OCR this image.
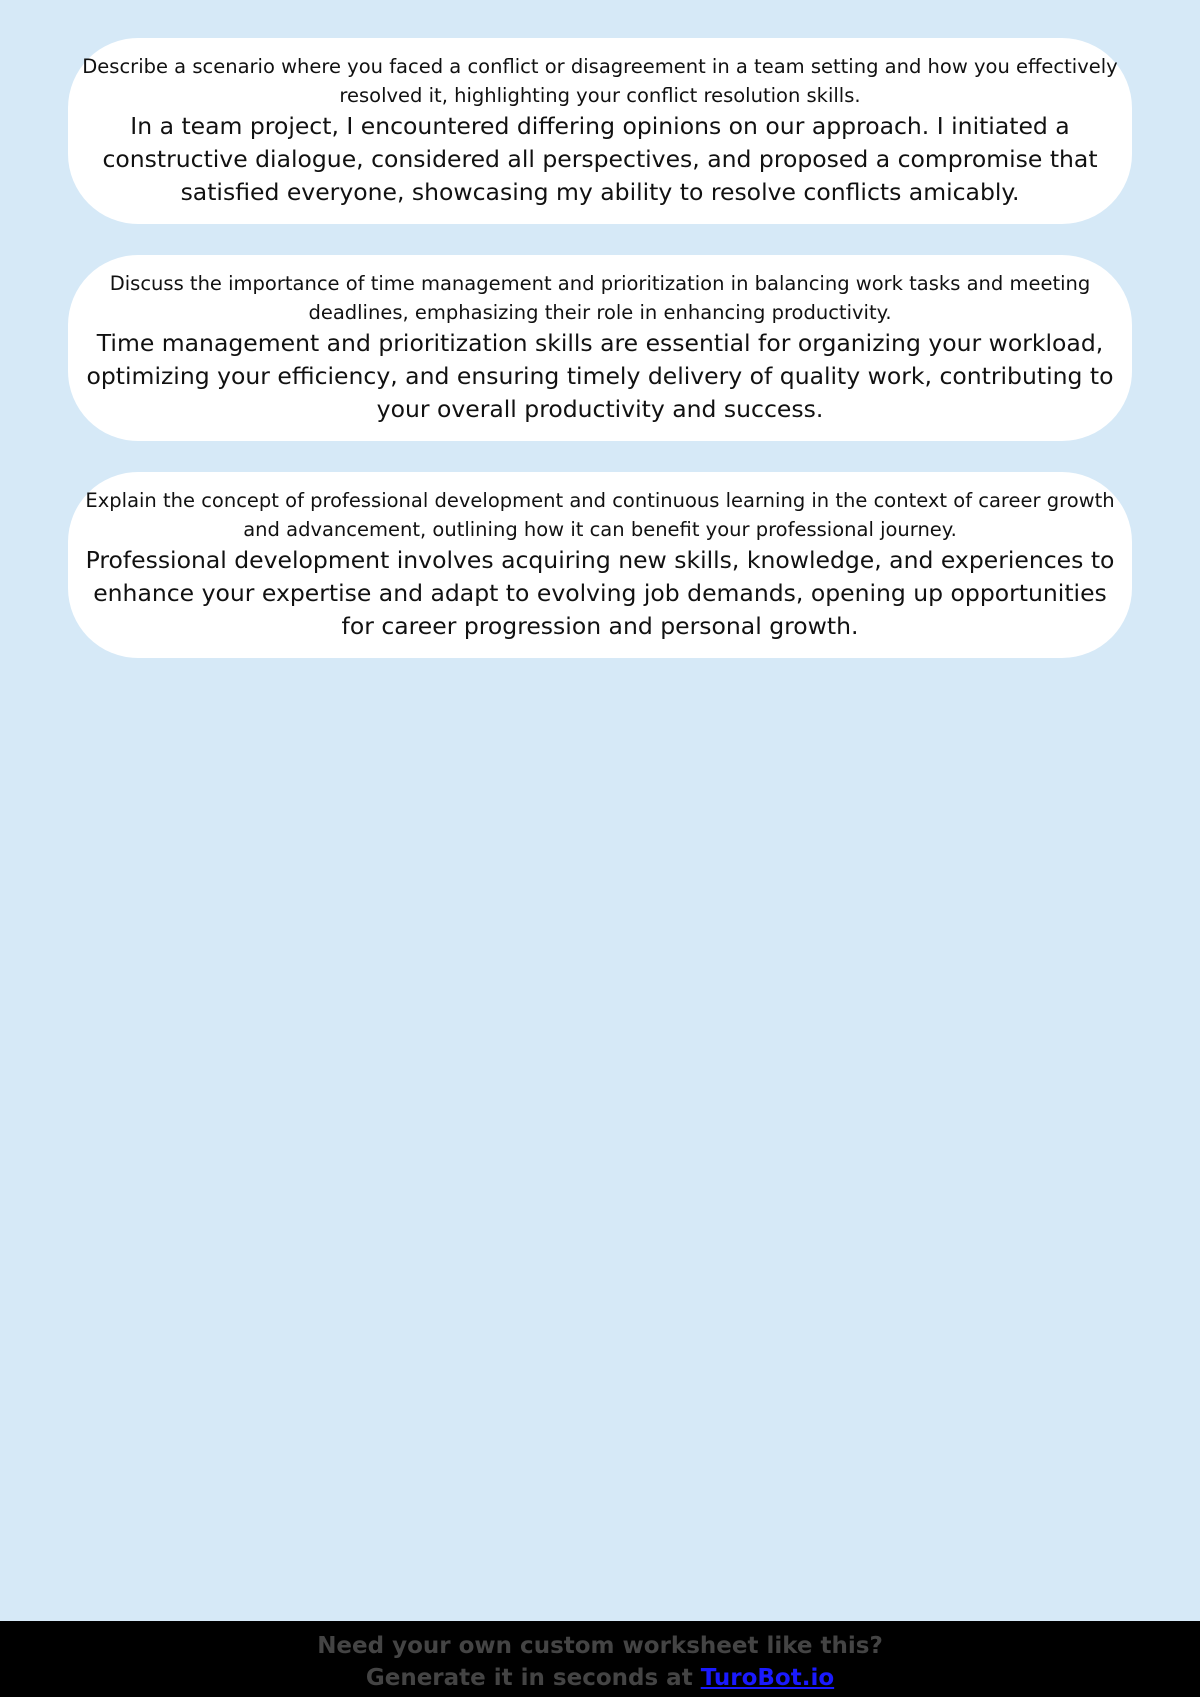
Describe a scenario where you faced a conflict or disagreement in a team setting and how you effectively resolved it, highlighting your conflict resolution skills.

In a team project, I encountered differing opinions on our approach. I initiated a constructive dialogue, considered all perspectives, and proposed a compromise that satisfied everyone, showcasing my ability to resolve conflicts amicably.

Discuss the importance of time management and prioritization in balancing work tasks and meeting deadlines, emphasizing their role in enhancing productivity.

Time management and prioritization skills are essential for organizing your workload, optimizing your efficiency, and ensuring timely delivery of quality work, contributing to your overall productivity and success.

Explain the concept of professional development and continuous learning in the context of career growth and advancement, outlining how it can benefit your professional journey.

Professional development involves acquiring new skills, knowledge, and experiences to enhance your expertise and adapt to evolving job demands, opening up opportunities for career progression and personal growth.

Need your own custom worksheet like this?
Generate it in seconds at TuroBot.io
